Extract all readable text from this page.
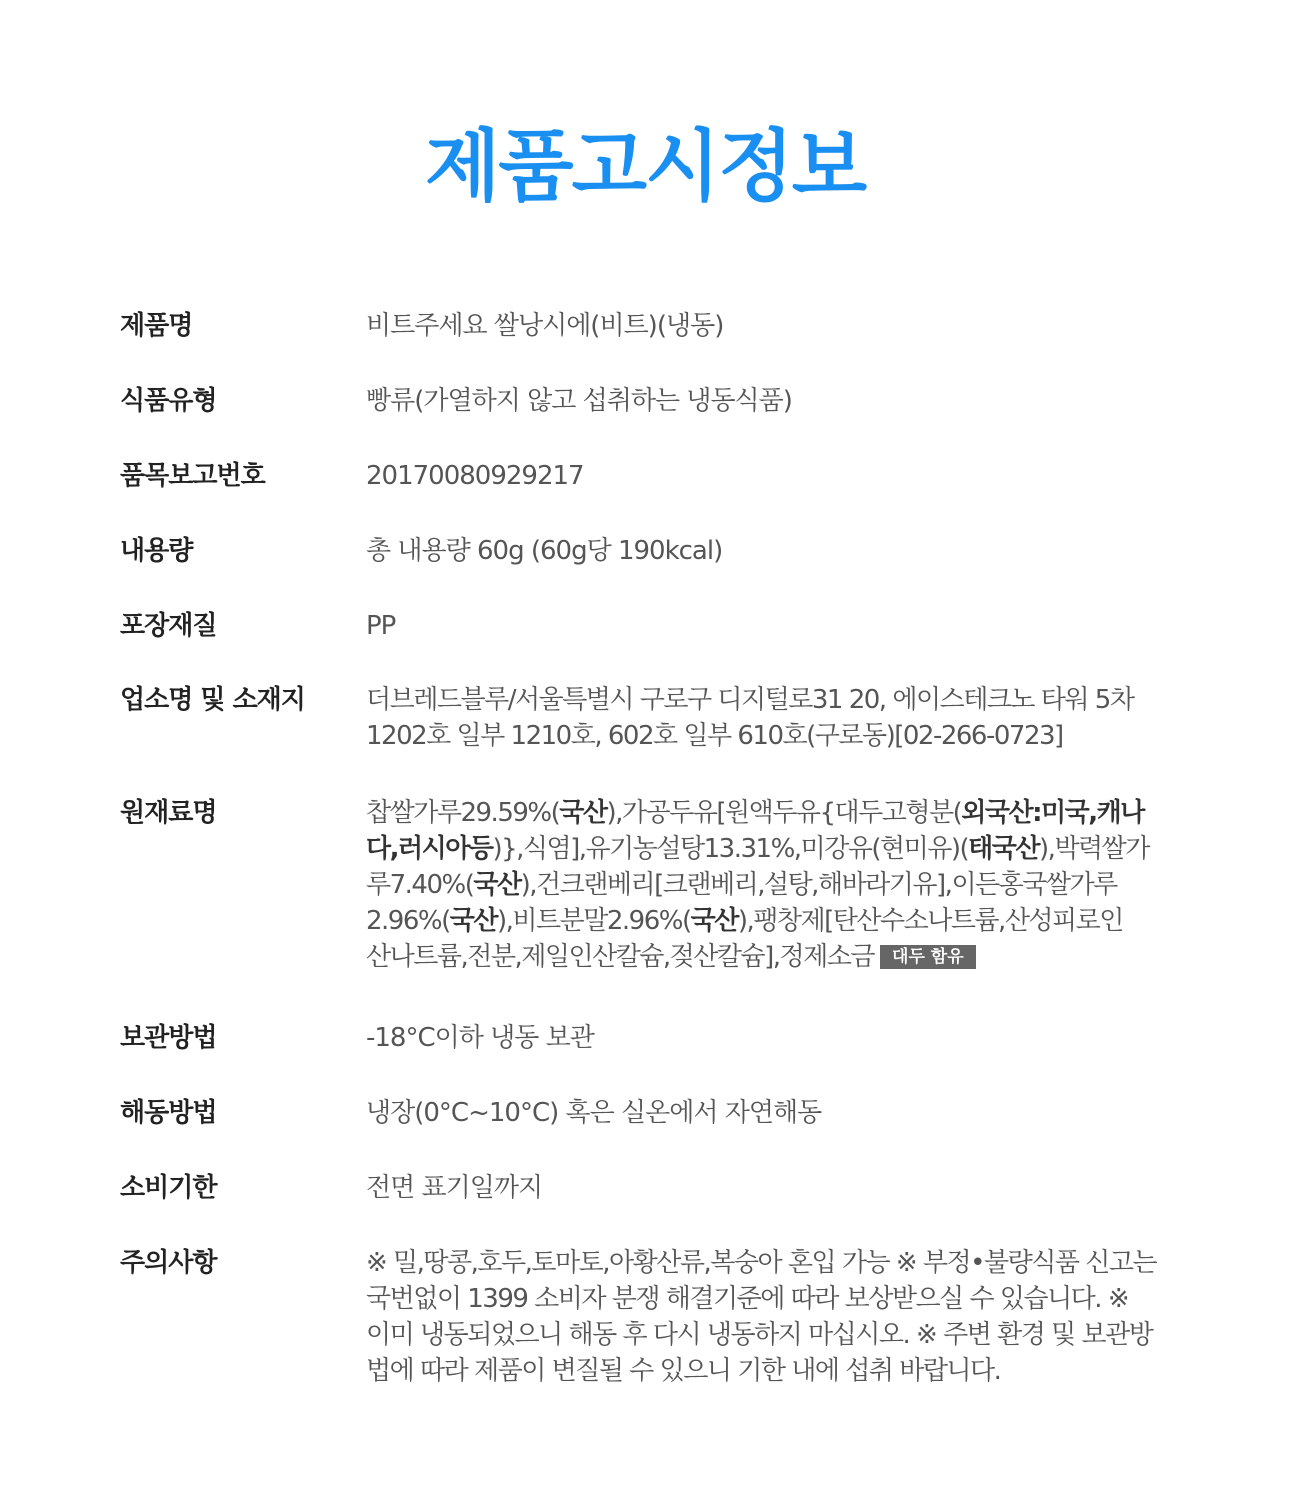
제품고시정보
제품명	비트주세요 쌀낭시에(비트)(냉동)
식품유형	빵류(가열하지 않고 섭취하는 냉동식품)
품목보고번호	20170080929217
내용량	총 내용량 60g (60g당 190kcal)
포장재질	PP
업소명 및 소재지	더브레드블루/서울특별시 구로구 디지털로31 20, 에이스테크노 타워 5차
1202호 일부 1210호, 602호 일부 610호(구로동)[02-266-0723]
원재료명	찹쌀가루29.59%(국산),가공두유[원액두유{대두고형분(외국산:미국,캐나
다,러시아등)},식염],유기농설탕13.31%,미강유(현미유)(태국산),박력쌀가
루7.40%(국산),건크랜베리[크랜베리,설탕,해바라기유],이든홍국쌀가루
2.96%(국산),비트분말2.96%(국산),팽창제[탄산수소나트륨,산성피로인
산나트륨,전분,제일인산칼슘,젖산칼슘],정제소금 대두 함유
보관방법	-18°C이하 냉동 보관
해동방법	냉장(0°C~10°C) 혹은 실온에서 자연해동
소비기한	전면 표기일까지
주의사항	※ 밀,땅콩,호두,토마토,아황산류,복숭아 혼입 가능 ※ 부정•불량식품 신고는
국번없이 1399 소비자 분쟁 해결기준에 따라 보상받으실 수 있습니다. ※
이미 냉동되었으니 해동 후 다시 냉동하지 마십시오. ※ 주변 환경 및 보관방
법에 따라 제품이 변질될 수 있으니 기한 내에 섭취 바랍니다.
